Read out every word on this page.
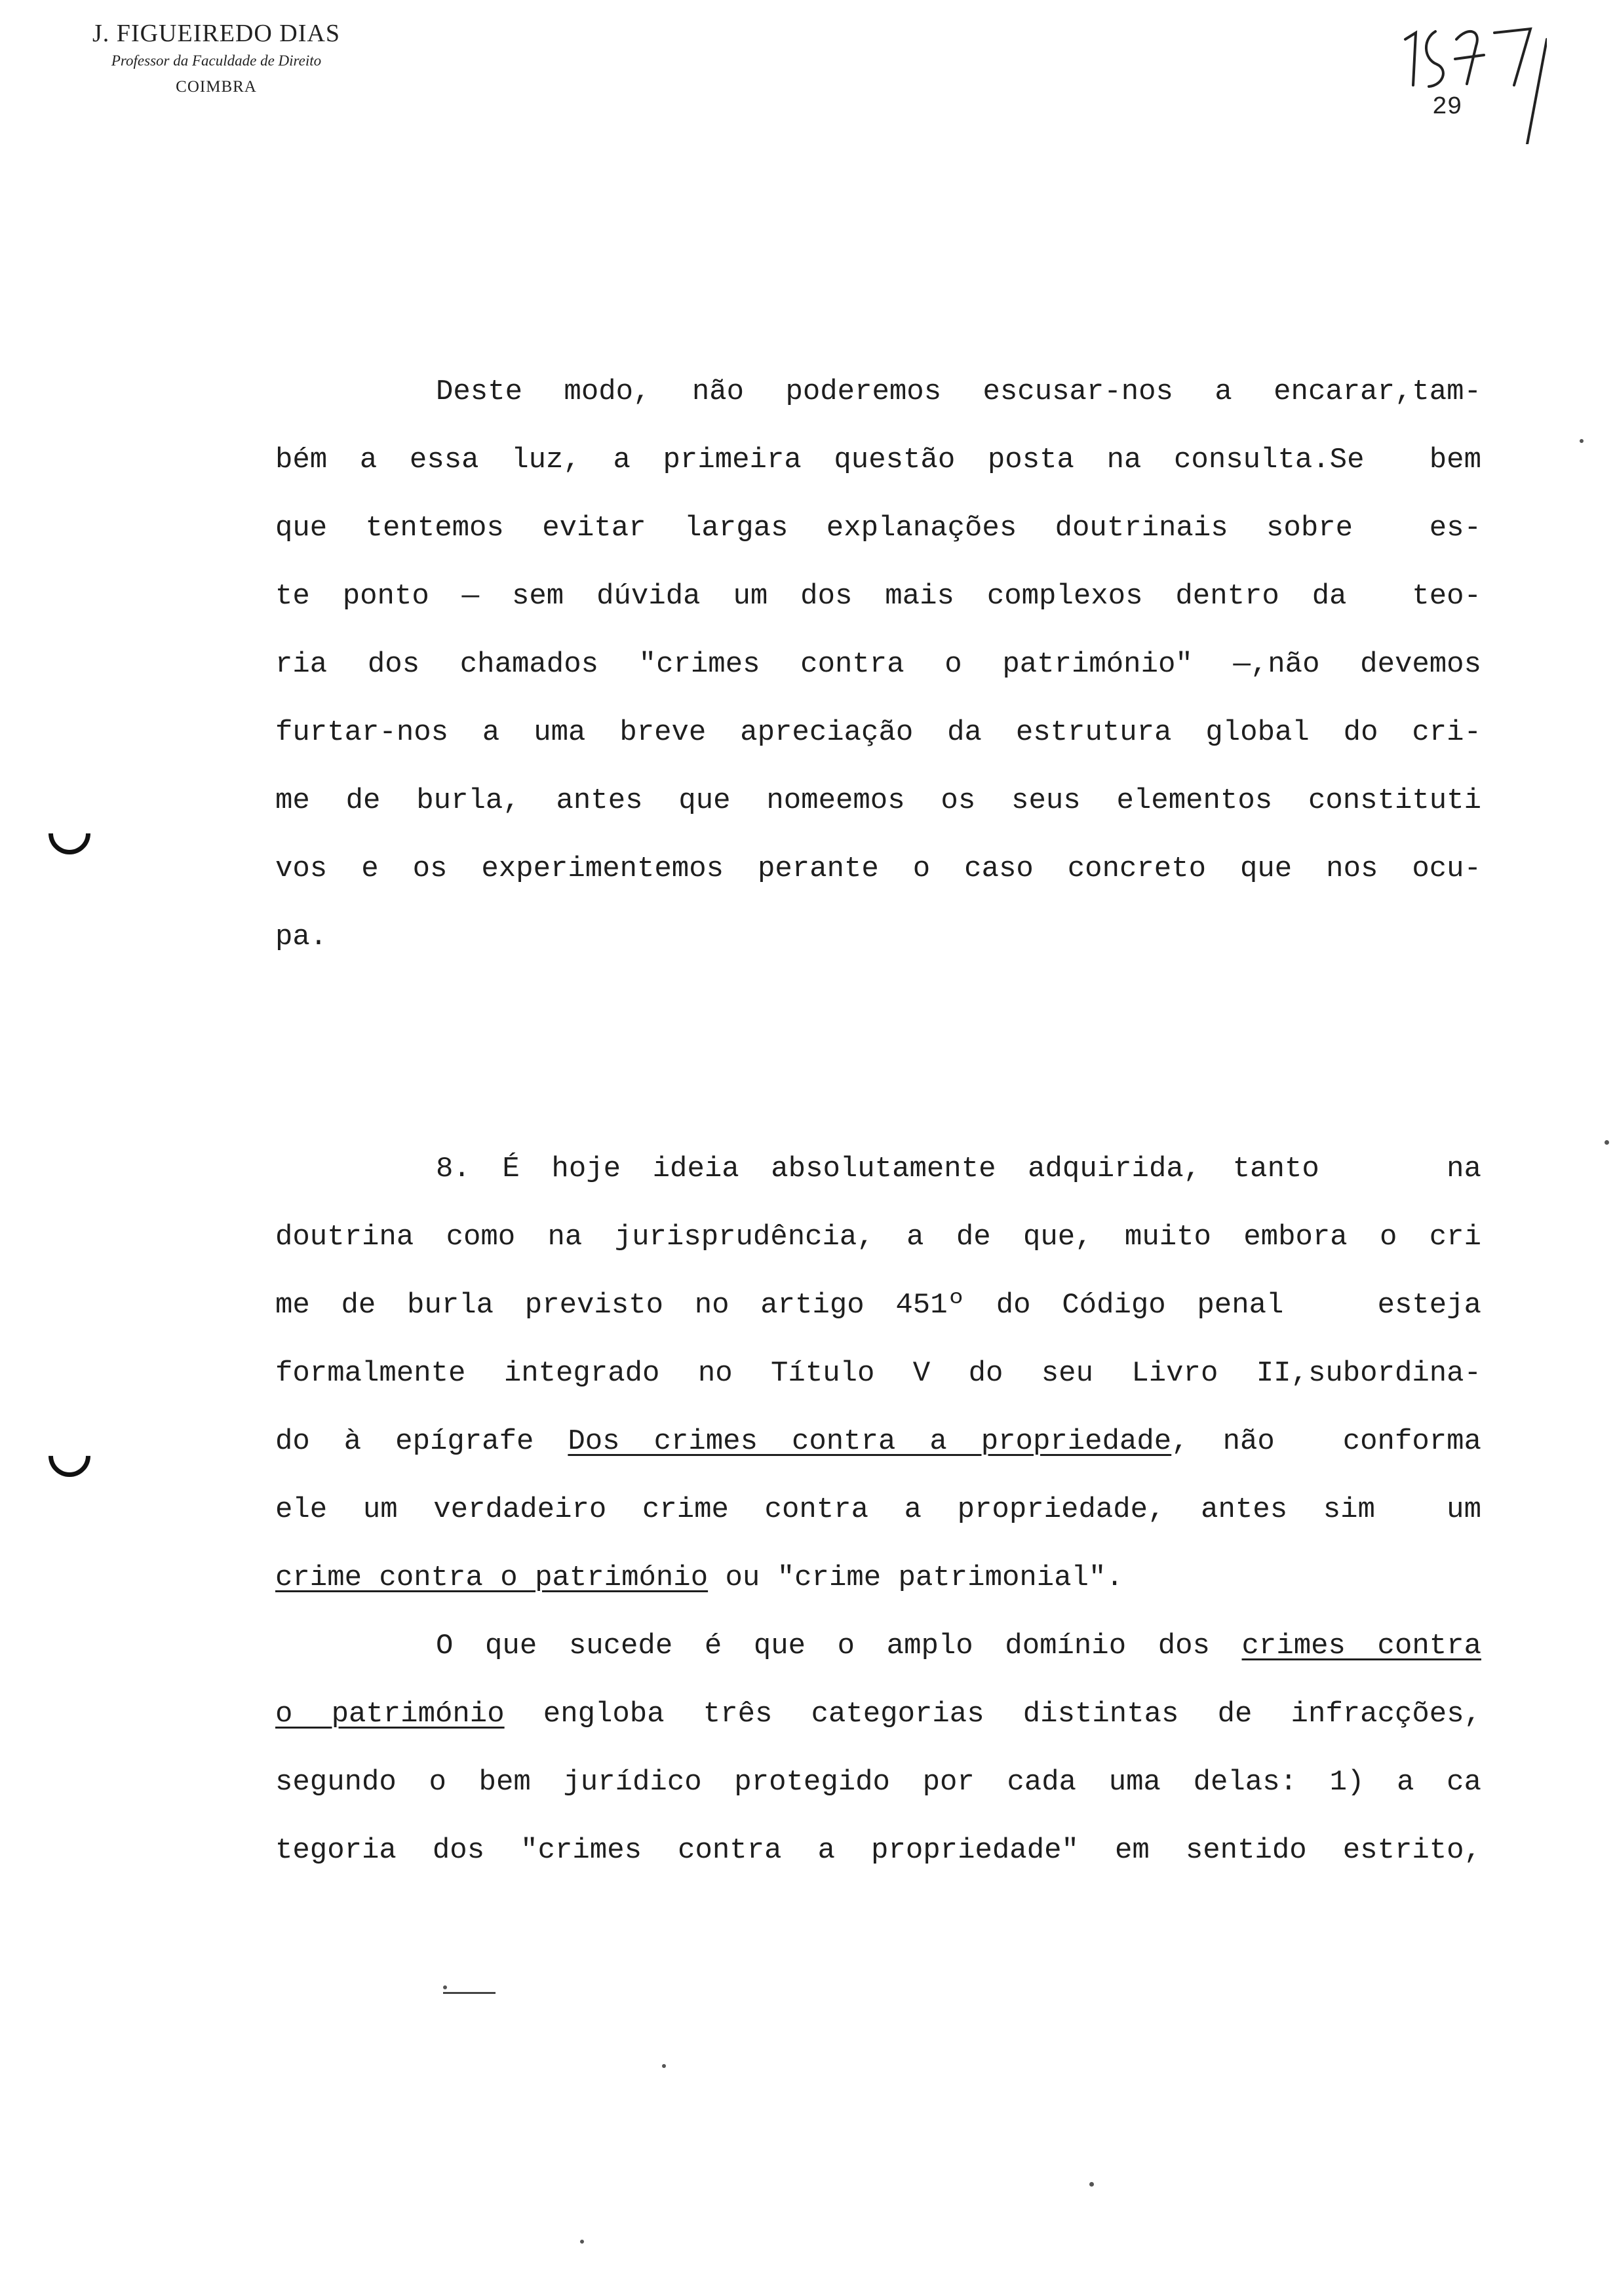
J. FIGUEIREDO DIAS
Professor da Faculdade de Direito
COIMBRA
29
Deste modo, não poderemos escusar-nos a encarar,tam-
bém a essa luz, a primeira questão posta na consulta.Se  bem
que tentemos evitar largas explanações doutrinais sobre  es-
te ponto — sem dúvida um dos mais complexos dentro da  teo-
ria dos chamados "crimes contra o património" —,não devemos
furtar-nos a uma breve apreciação da estrutura global do cri-
me de burla, antes que nomeemos os seus elementos constituti
vos e os experimentemos perante o caso concreto que nos ocu-
pa.
8. É hoje ideia absolutamente adquirida, tanto    na
doutrina como na jurisprudência, a de que, muito embora o cri
me de burla previsto no artigo 451º do Código penal   esteja
formalmente integrado no Título V do seu Livro II,subordina-
do à epígrafe Dos crimes contra a propriedade, não  conforma
ele um verdadeiro crime contra a propriedade, antes sim  um
crime contra o património ou "crime patrimonial".
O que sucede é que o amplo domínio dos crimes contra
o património engloba três categorias distintas de infracções,
segundo o bem jurídico protegido por cada uma delas: 1) a ca
tegoria dos "crimes contra a propriedade" em sentido estrito,
